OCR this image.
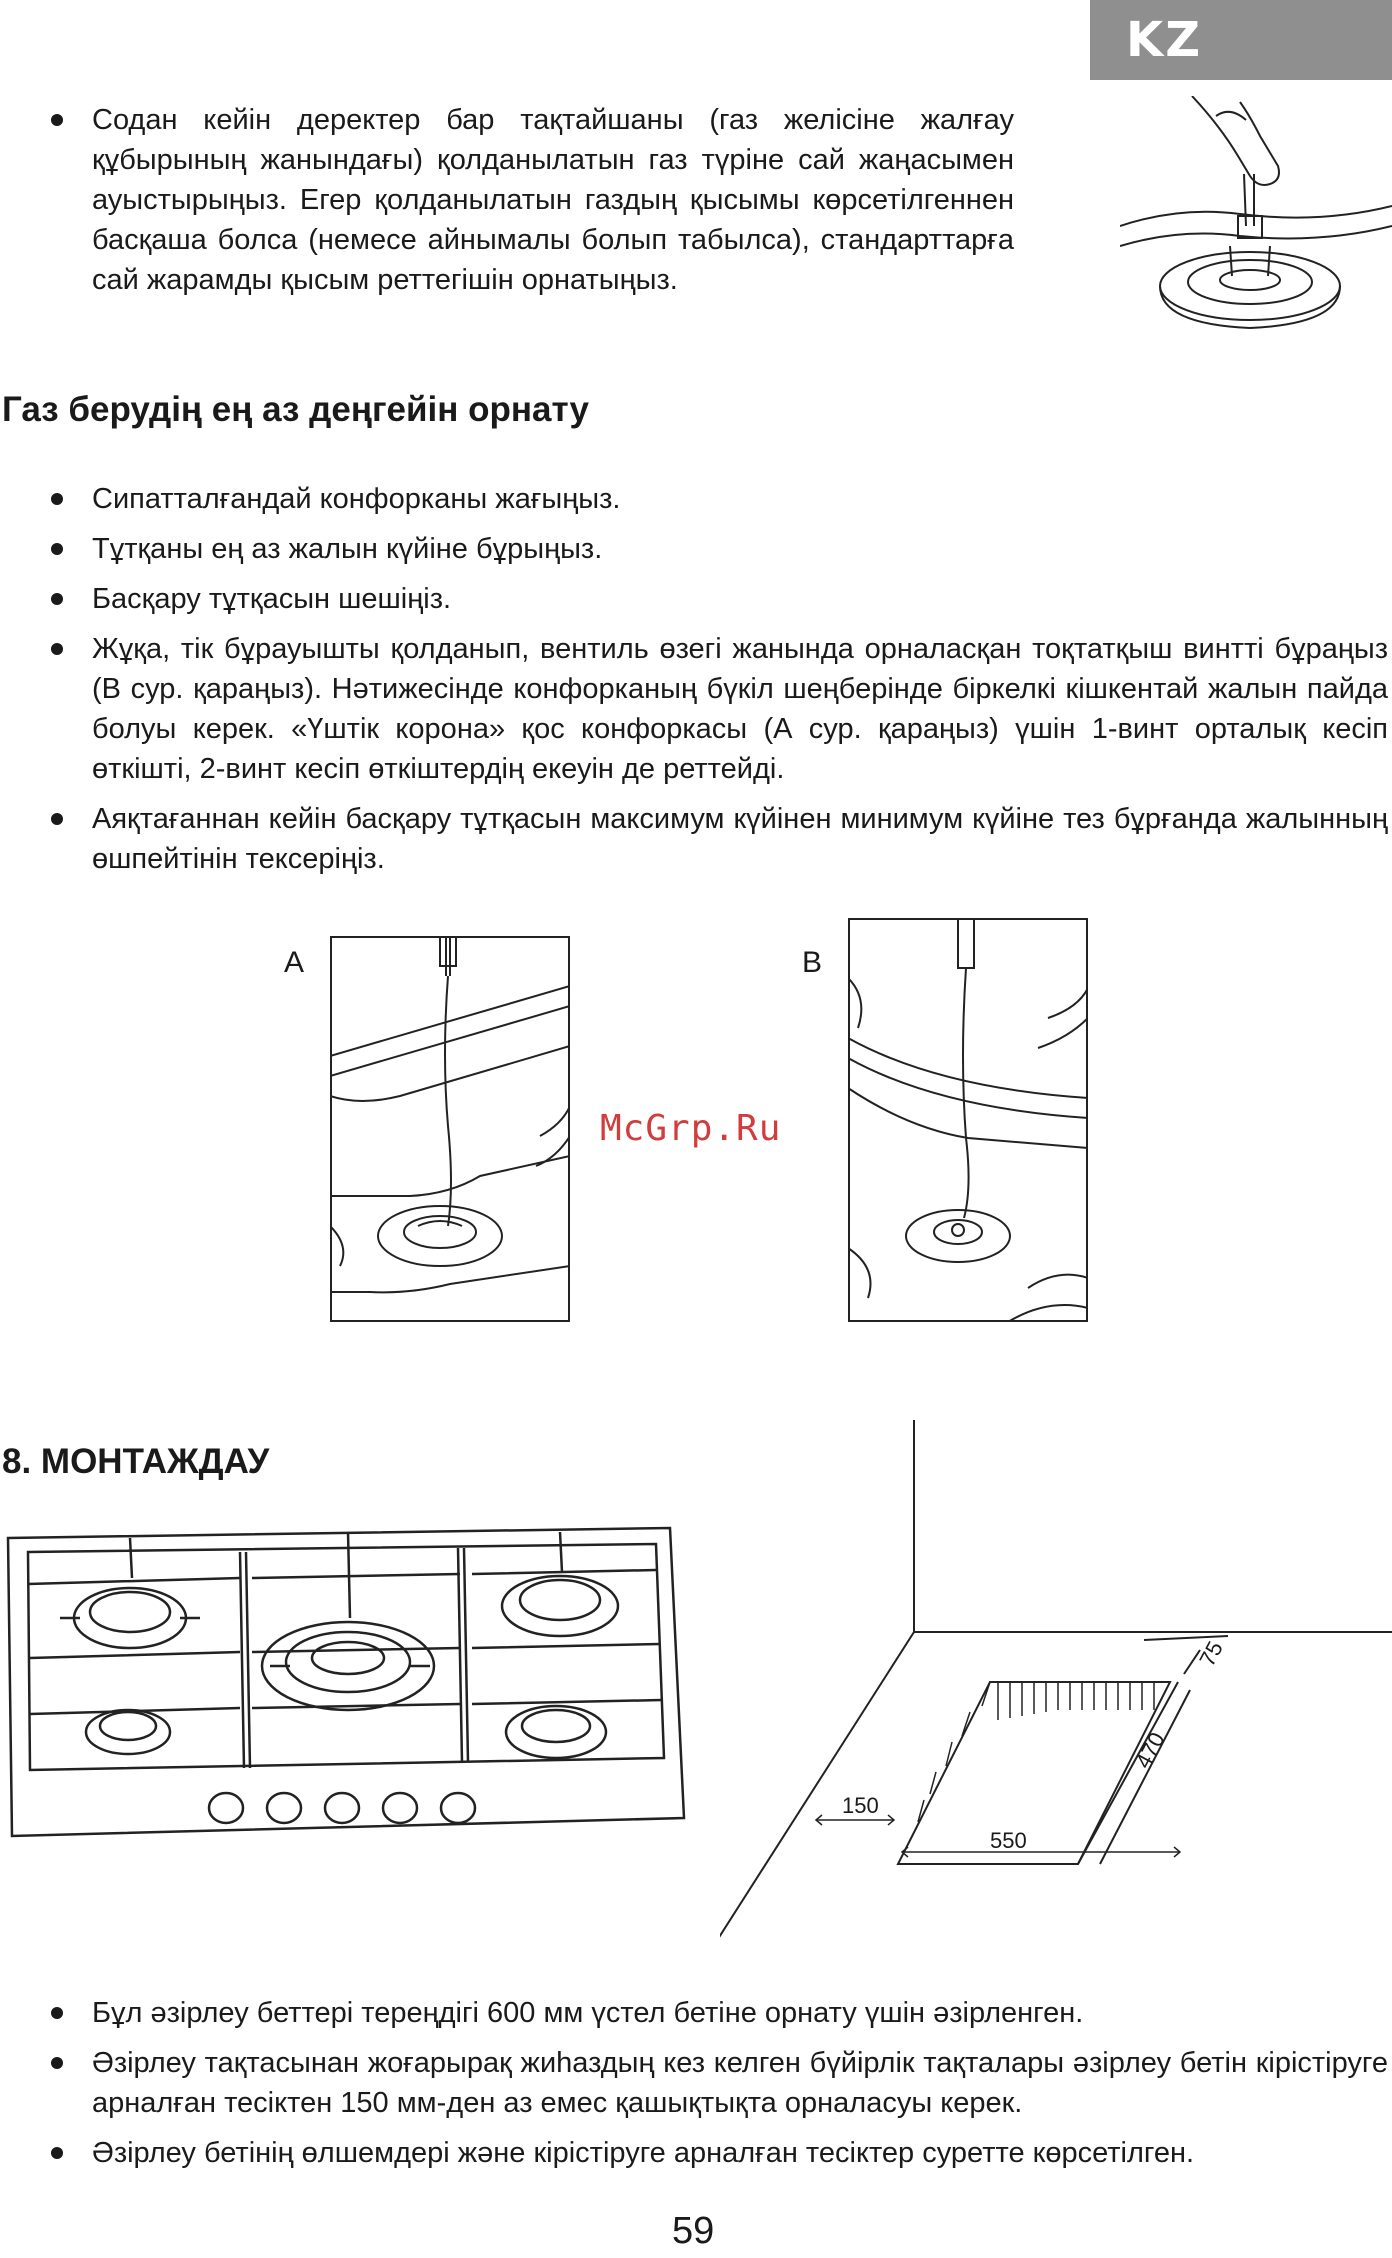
KZ
Содан кейін деректер бар тақтайшаны (газ желісіне жалғау құбырының жанындағы) қолданылатын газ түріне сай жаңасымен ауыстырыңыз. Егер қолданылатын газдың қысымы көрсетілгеннен басқаша болса (немесе айнымалы болып табылса), стандарттарға сай жарамды қысым реттегішін орнатыңыз.
Газ берудің ең аз деңгейін орнату
Сипатталғандай конфорканы жағыңыз.
Тұтқаны ең аз жалын күйіне бұрыңыз.
Басқару тұтқасын шешіңіз.
Жұқа, тік бұрауышты қолданып, вентиль өзегі жанында орналасқан тоқтатқыш винтті бұраңыз (В сур. қараңыз). Нәтижесінде конфорканың бүкіл шеңберінде біркелкі кішкентай жалын пайда болуы керек. «Үштік корона» қос конфоркасы (А сур. қараңыз) үшін 1-винт орталық кесіп өткішті, 2-винт кесіп өткіштердің екеуін де реттейді.
Аяқтағаннан кейін басқару тұтқасын максимум күйінен минимум күйіне тез бұрғанда жалынның өшпейтінін тексеріңіз.
A	B
McGrp.Ru
8. МОНТАЖДАУ
150
550
470
75
Бұл әзірлеу беттері тереңдігі 600 мм үстел бетіне орнату үшін әзірленген.
Әзірлеу тақтасынан жоғарырақ жиһаздың кез келген бүйірлік тақталары әзірлеу бетін кірістіруге арналған тесіктен 150 мм-ден аз емес қашықтықта орналасуы керек.
Әзірлеу бетінің өлшемдері және кірістіруге арналған тесіктер суретте көрсетілген.
59
